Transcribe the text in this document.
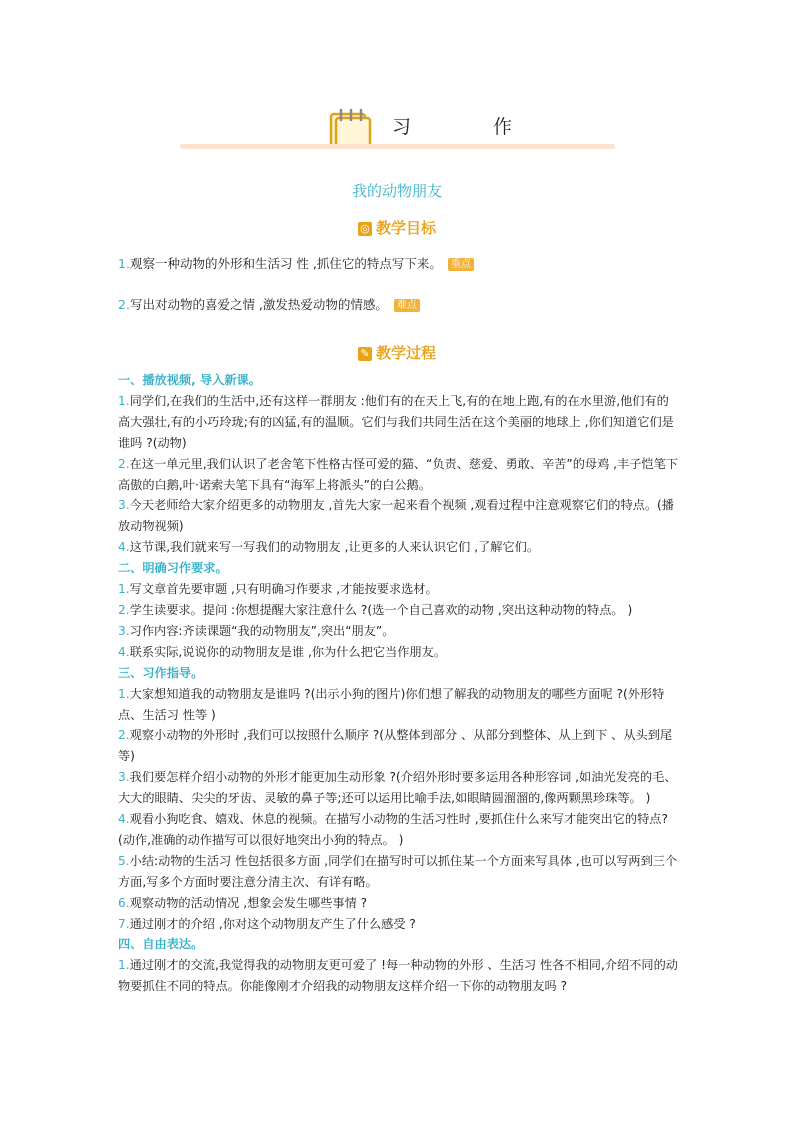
习 作
我的动物朋友
◎ 教学目标
1.观察一种动物的外形和生活习 性 ,抓住它的特点写下来。 重点
2.写出对动物的喜爱之情 ,激发热爱动物的情感。 难点
✎ 教学过程

一、播放视频, 导入新课。

1.同学们,在我们的生活中,还有这样一群朋友 :他们有的在天上飞,有的在地上跑,有的在水里游,他们有的高大强壮,有的小巧玲珑;有的凶猛,有的温顺。它们与我们共同生活在这个美丽的地球上 ,你们知道它们是谁吗 ?(动物)

2.在这一单元里,我们认识了老舍笔下性格古怪可爱的猫、“负责、慈爱、勇敢、辛苦”的母鸡 ,丰子恺笔下高傲的白鹅,叶·诺索夫笔下具有“海军上将派头”的白公鹅。

3.今天老师给大家介绍更多的动物朋友 ,首先大家一起来看个视频 ,观看过程中注意观察它们的特点。(播放动物视频)

4.这节课,我们就来写一写我们的动物朋友 ,让更多的人来认识它们 ,了解它们。

二、明确习作要求。

1.写文章首先要审题 ,只有明确习作要求 ,才能按要求选材。

2.学生读要求。提问 :你想提醒大家注意什么 ?(选一个自己喜欢的动物 ,突出这种动物的特点。 )

3.习作内容:齐读课题“我的动物朋友”,突出“朋友”。

4.联系实际,说说你的动物朋友是谁 ,你为什么把它当作朋友。

三、习作指导。

1.大家想知道我的动物朋友是谁吗 ?(出示小狗的图片)你们想了解我的动物朋友的哪些方面呢 ?(外形特点、生活习 性等 )

2.观察小动物的外形时 ,我们可以按照什么顺序 ?(从整体到部分 、从部分到整体、从上到下 、从头到尾等)

3.我们要怎样介绍小动物的外形才能更加生动形象 ?(介绍外形时要多运用各种形容词 ,如油光发亮的毛、大大的眼睛、尖尖的牙齿、灵敏的鼻子等;还可以运用比喻手法,如眼睛圆溜溜的,像两颗黑珍珠等。 )

4.观看小狗吃食、嬉戏、休息的视频。在描写小动物的生活习性时 ,要抓住什么来写才能突出它的特点?(动作,准确的动作描写可以很好地突出小狗的特点。 )

5.小结:动物的生活习 性包括很多方面 ,同学们在描写时可以抓住某一个方面来写具体 ,也可以写两到三个方面,写多个方面时要注意分清主次、有详有略。

6.观察动物的活动情况 ,想象会发生哪些事情 ?

7.通过刚才的介绍 ,你对这个动物朋友产生了什么感受 ?

四、自由表达。

1.通过刚才的交流,我觉得我的动物朋友更可爱了 !每一种动物的外形 、生活习 性各不相同,介绍不同的动物要抓住不同的特点。你能像刚才介绍我的动物朋友这样介绍一下你的动物朋友吗 ?
